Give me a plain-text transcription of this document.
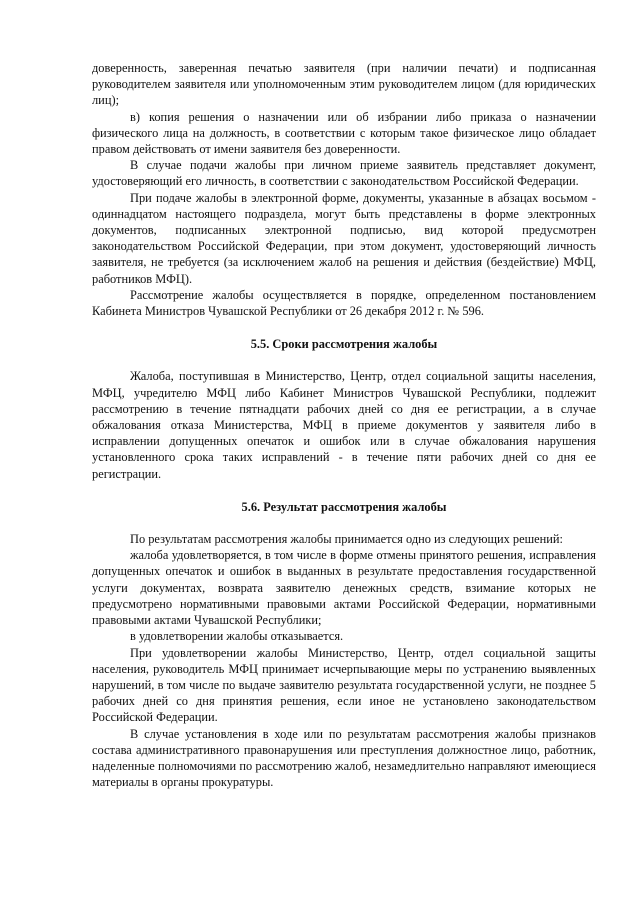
доверенность, заверенная печатью заявителя (при наличии печати) и подписанная руководителем заявителя или уполномоченным этим руководителем лицом (для юридических лиц);

в) копия решения о назначении или об избрании либо приказа о назначении физического лица на должность, в соответствии с которым такое физическое лицо обладает правом действовать от имени заявителя без доверенности.

В случае подачи жалобы при личном приеме заявитель представляет документ, удостоверяющий его личность, в соответствии с законодательством Российской Федерации.

При подаче жалобы в электронной форме, документы, указанные в абзацах восьмом - одиннадцатом настоящего подраздела, могут быть представлены в форме электронных документов, подписанных электронной подписью, вид которой предусмотрен законодательством Российской Федерации, при этом документ, удостоверяющий личность заявителя, не требуется (за исключением жалоб на решения и действия (бездействие) МФЦ, работников МФЦ).

Рассмотрение жалобы осуществляется в порядке, определенном постановлением Кабинета Министров Чувашской Республики от 26 декабря 2012 г. № 596.

5.5. Сроки рассмотрения жалобы

Жалоба, поступившая в Министерство, Центр, отдел социальной защиты населения, МФЦ, учредителю МФЦ либо Кабинет Министров Чувашской Республики, подлежит рассмотрению в течение пятнадцати рабочих дней со дня ее регистрации, а в случае обжалования отказа Министерства, МФЦ в приеме документов у заявителя либо в исправлении допущенных опечаток и ошибок или в случае обжалования нарушения установленного срока таких исправлений - в течение пяти рабочих дней со дня ее регистрации.

5.6. Результат рассмотрения жалобы

По результатам рассмотрения жалобы принимается одно из следующих решений:

жалоба удовлетворяется, в том числе в форме отмены принятого решения, исправления допущенных опечаток и ошибок в выданных в результате предоставления государственной услуги документах, возврата заявителю денежных средств, взимание которых не предусмотрено нормативными правовыми актами Российской Федерации, нормативными правовыми актами Чувашской Республики;

в удовлетворении жалобы отказывается.

При удовлетворении жалобы Министерство, Центр, отдел социальной защиты населения, руководитель МФЦ принимает исчерпывающие меры по устранению выявленных нарушений, в том числе по выдаче заявителю результата государственной услуги, не позднее 5 рабочих дней со дня принятия решения, если иное не установлено законодательством Российской Федерации.

В случае установления в ходе или по результатам рассмотрения жалобы признаков состава административного правонарушения или преступления должностное лицо, работник, наделенные полномочиями по рассмотрению жалоб, незамедлительно направляют имеющиеся материалы в органы прокуратуры.
